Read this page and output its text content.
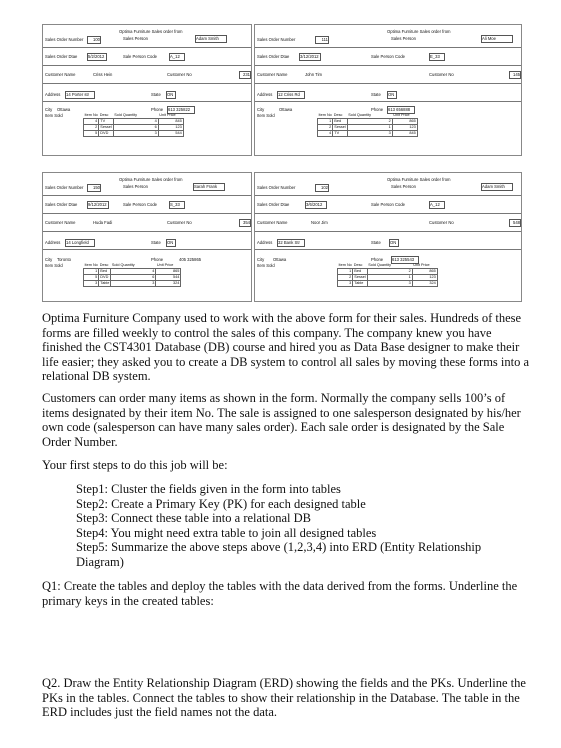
Optima Furniture Sales order from
Sales Person	Adam Smith
Sales Order Number	100
Sales Order Dtae	5/2/2012	Sale Person Code	A_12
Customer Name	Criss Hein	Customer No	231
Address 14 Porter str	State ON
City Ottawa
Item Sold
Phone 613 325822
Item No	Desc	Sold Quantity	Unit Price
4	TV	4	845
2	Sessel	6	123
5	DVD	3	544
Optima Furniture Sales order from
Sales Person	Ali Moe
Sales Order Number	111
Sales Order Dtae	3/12/2012	Sale Person Code	E_33
Customer Name	John Tim	Customer No	145
Address 12 Criss Rd	State ON
City	Ottawa
Item Sold
Phone 613 656888
Item No	Desc	Sold Quantity	Unit Price
1	Bed	2	865
2	Sessel	1	123
4	TV	3	845
Optima Furniture Sales order from
Sales Person	Sarah Frank
Sales Order Number	150
Sales Order Dtae	9/12/2012	Sale Person Code	S_33
Customer Name	Huda Fadi	Customer No	354
Address 14 Longfield	State ON
City Toronto
Item Sold
Phone	405 325865
Item No	Desc	Sold Quantity	Unit Price
1	Bed	4	865
5	DVD	6	544
3	Table	3	324
Optima Furniture Sales order from
Sales Person	Adam Smith
Sales Order Number	102
Sales Order Dtae	3/6/2012	Sale Person Code	A_12
Customer Name	Noor Jim	Customer No	548
Address 32 Bank Str	State ON
City Ottawa
Item Sold
Phone 613 325543
Item No	Desc	Sold Quantity	Unit Price
1	Bed	2	865
2	Sessel	1	123
3	Table	3	324

Optima Furniture Company used to work with the above form for their sales. Hundreds of these forms are filled weekly to control the sales of this company. The company knew you have finished the CST4301 Database (DB) course and hired you as Data Base designer to make their life easier; they asked you to create a DB system to control all sales by moving these forms into a relational DB system.

Customers can order many items as shown in the form. Normally the company sells 100’s of items designated by their item No. The sale is assigned to one salesperson designated by his/her own code (salesperson can have many sales order). Each sale order is designated by the Sale Order Number.

Your first steps to do this job will be:

Step1: Cluster the fields given in the form into tables
Step2: Create a Primary Key (PK) for each designed table
Step3: Connect these table into a relational DB
Step4: You might need extra table to join all designed tables
Step5: Summarize the above steps above (1,2,3,4) into ERD (Entity Relationship Diagram)

Q1: Create the tables and deploy the tables with the data derived from the forms. Underline the primary keys in the created tables:

Q2. Draw the Entity Relationship Diagram (ERD) showing the fields and the PKs. Underline the PKs in the tables. Connect the tables to show their relationship in the Database. The table in the ERD includes just the field names not the data.
